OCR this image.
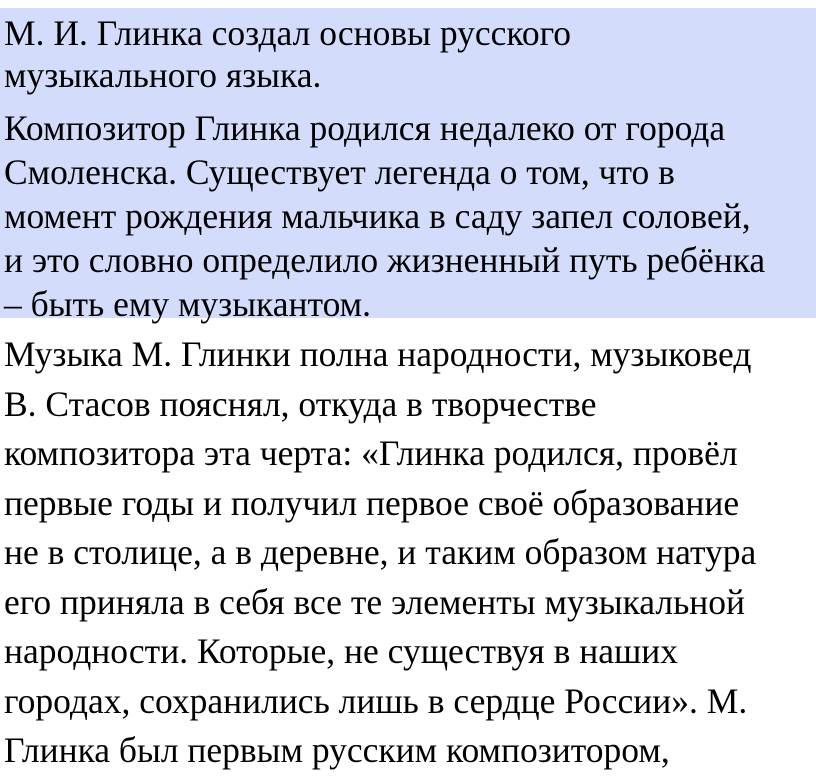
М. И. Глинка создал основы русского
музыкального языка.

Композитор Глинка родился недалеко от города
Смоленска. Существует легенда о том, что в
момент рождения мальчика в саду запел соловей,
и это словно определило жизненный путь ребёнка
– быть ему музыкантом.

Музыка М. Глинки полна народности, музыковед
В. Стасов пояснял, откуда в творчестве
композитора эта черта: «Глинка родился, провёл
первые годы и получил первое своё образование
не в столице, а в деревне, и таким образом натура
его приняла в себя все те элементы музыкальной
народности. Которые, не существуя в наших
городах, сохранились лишь в сердце России». М.
Глинка был первым русским композитором,
